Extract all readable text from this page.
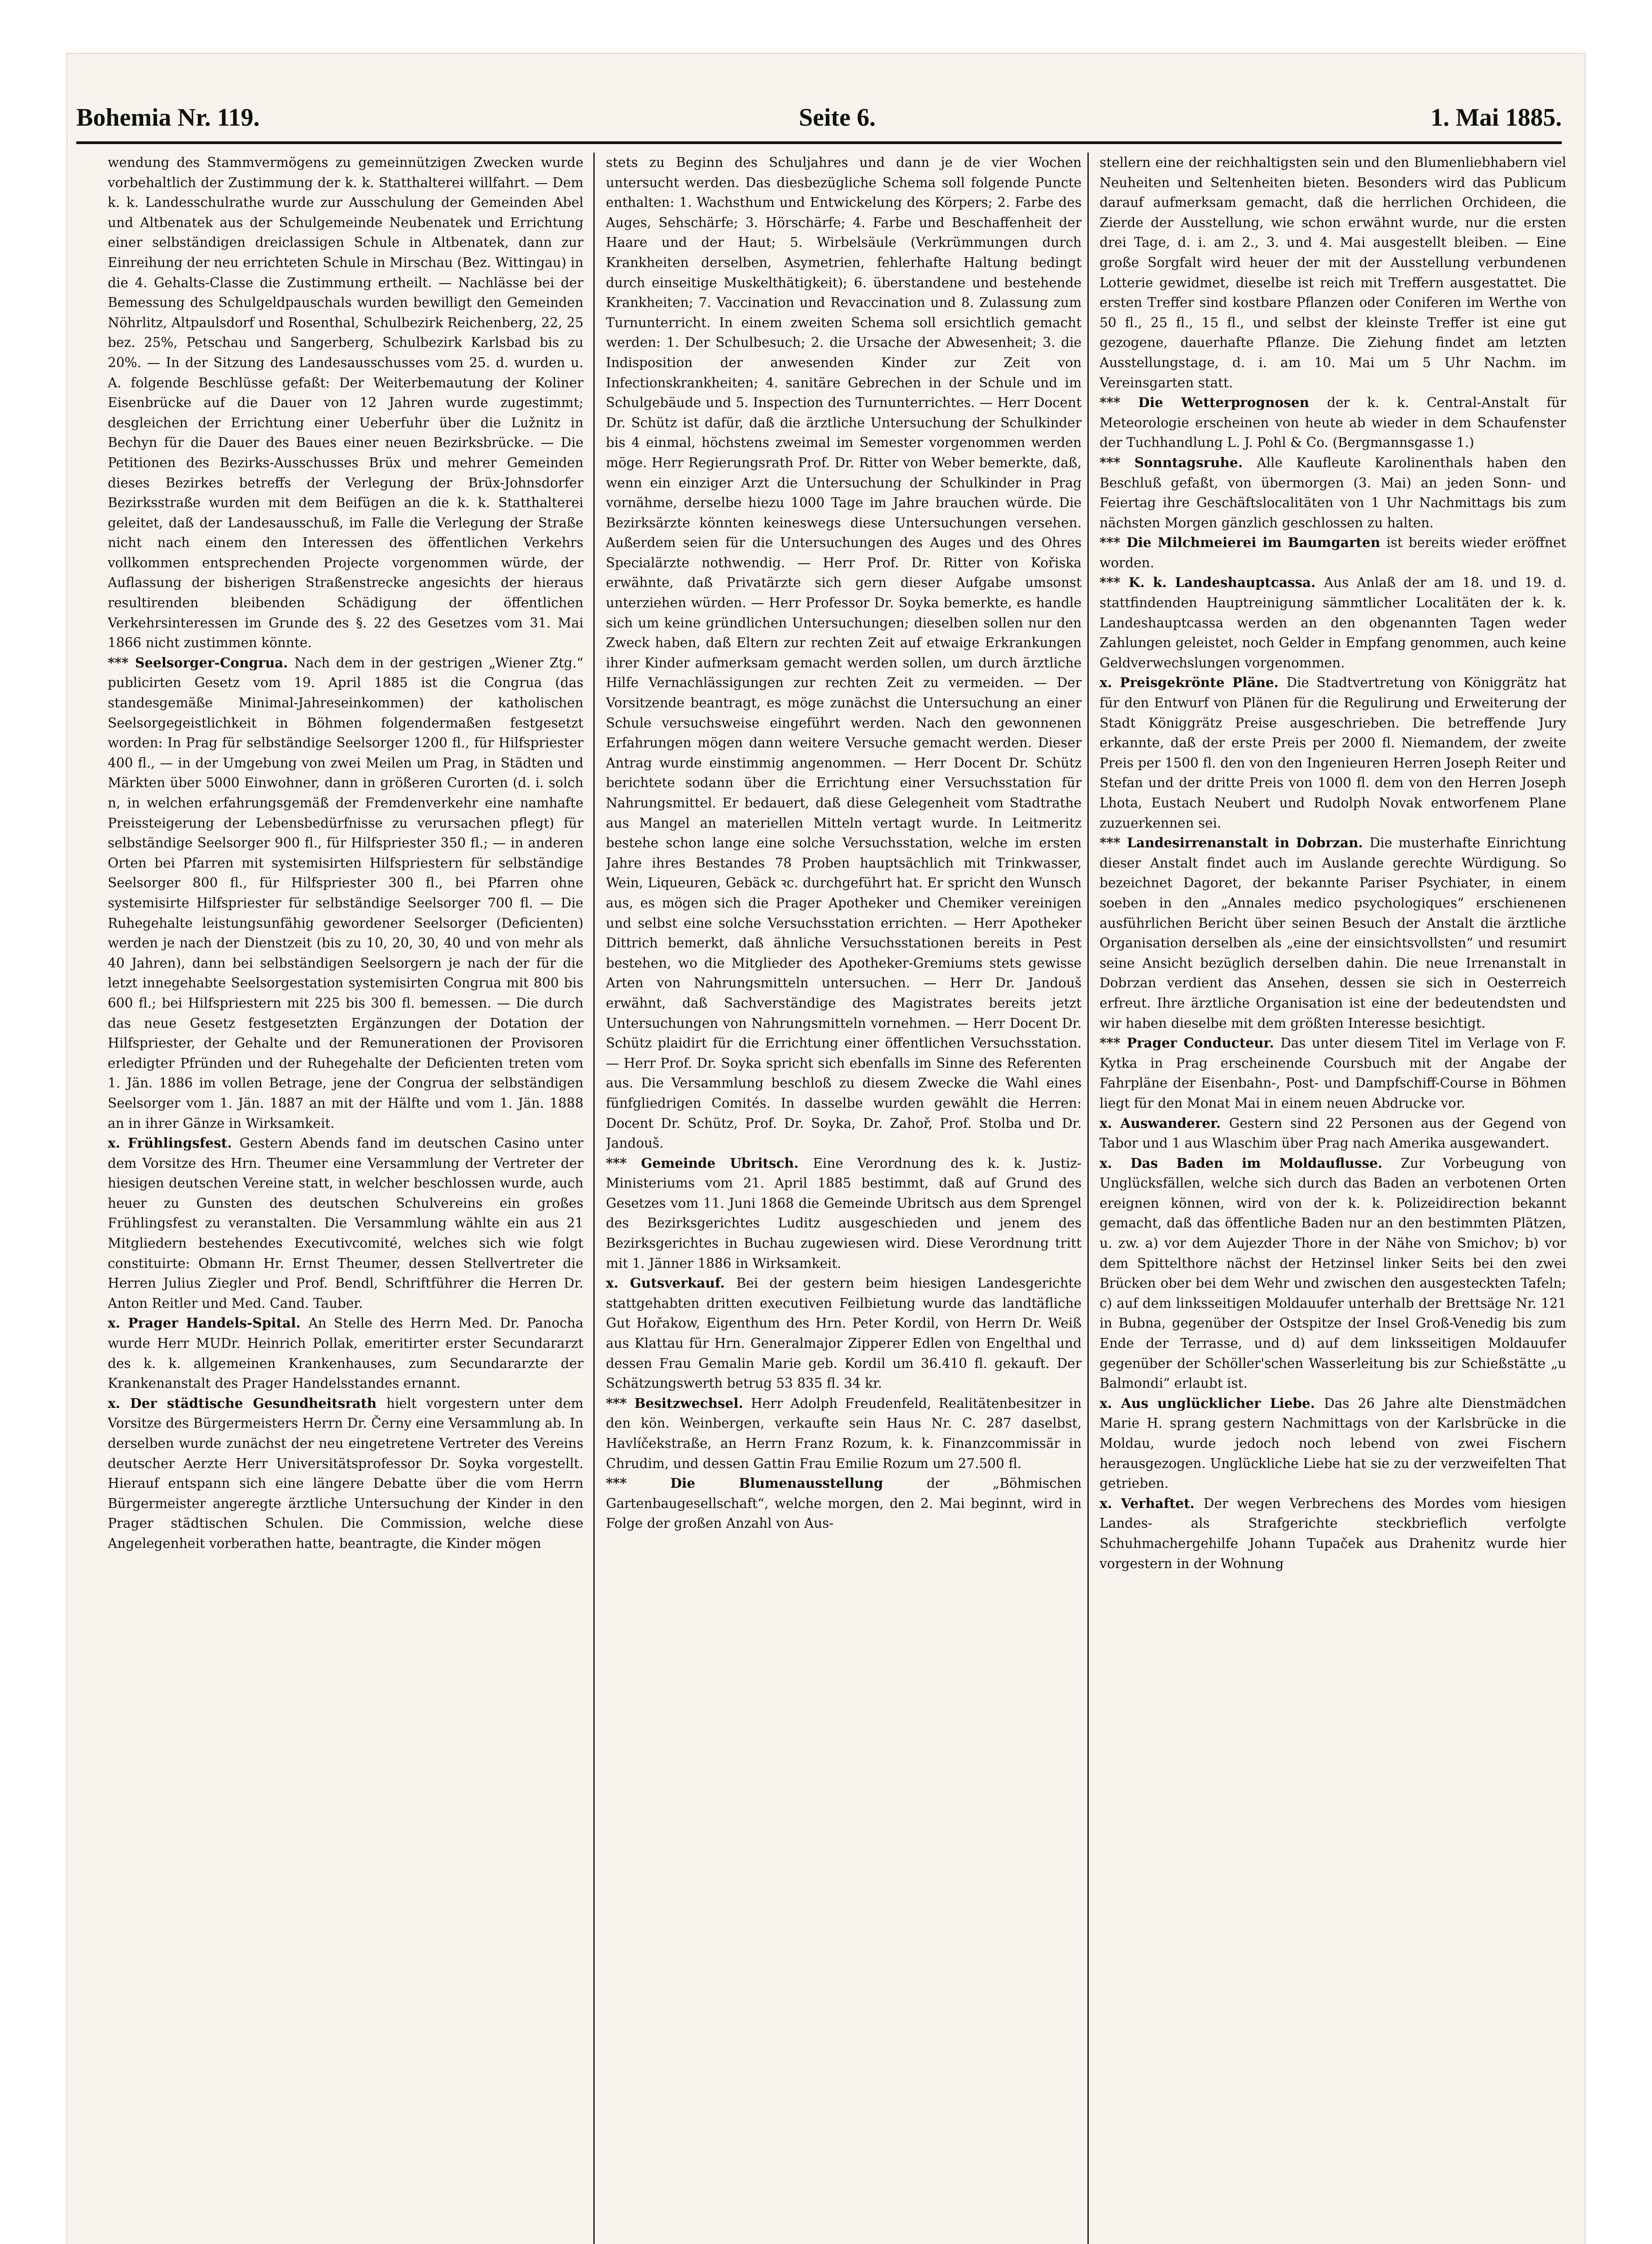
Bohemia Nr. 119.	Seite 6.	1. Mai 1885.

wendung des Stammvermögens zu gemeinnützigen Zwecken wurde vorbehaltlich der Zustimmung der k. k. Statthalterei willfahrt. — Dem k. k. Landesschulrathe wurde zur Ausschulung der Gemeinden Abel und Altbenatek aus der Schulgemeinde Neubenatek und Errichtung einer selbständigen dreiclassigen Schule in Altbenatek, dann zur Einreihung der neu errichteten Schule in Mirschau (Bez. Wittingau) in die 4. Gehalts-Classe die Zustimmung ertheilt. — Nachlässe bei der Bemessung des Schulgeldpauschals wurden bewilligt den Gemeinden Nöhrlitz, Altpaulsdorf und Rosenthal, Schulbezirk Reichenberg, 22, 25 bez. 25%, Petschau und Sangerberg, Schulbezirk Karlsbad bis zu 20%. — In der Sitzung des Landesausschusses vom 25. d. wurden u. A. folgende Beschlüsse gefaßt: Der Weiterbemautung der Koliner Eisenbrücke auf die Dauer von 12 Jahren wurde zugestimmt; desgleichen der Errichtung einer Ueberfuhr über die Lužnitz in Bechyn für die Dauer des Baues einer neuen Bezirksbrücke. — Die Petitionen des Bezirks-Ausschusses Brüx und mehrer Gemeinden dieses Bezirkes betreffs der Verlegung der Brüx-Johnsdorfer Bezirksstraße wurden mit dem Beifügen an die k. k. Statthalterei geleitet, daß der Landesausschuß, im Falle die Verlegung der Straße nicht nach einem den Interessen des öffentlichen Verkehrs vollkommen entsprechenden Projecte vorgenommen würde, der Auflassung der bisherigen Straßenstrecke angesichts der hieraus resultirenden bleibenden Schädigung der öffentlichen Verkehrsinteressen im Grunde des §. 22 des Gesetzes vom 31. Mai 1866 nicht zustimmen könnte.

*** Seelsorger-Congrua. Nach dem in der gestrigen „Wiener Ztg.“ publicirten Gesetz vom 19. April 1885 ist die Congrua (das standesgemäße Minimal-Jahreseinkommen) der katholischen Seelsorgegeistlichkeit in Böhmen folgendermaßen festgesetzt worden: In Prag für selbständige Seelsorger 1200 fl., für Hilfspriester 400 fl., — in der Umgebung von zwei Meilen um Prag, in Städten und Märkten über 5000 Einwohner, dann in größeren Curorten (d. i. solch n, in welchen erfahrungsgemäß der Fremdenverkehr eine namhafte Preissteigerung der Lebensbedürfnisse zu verursachen pflegt) für selbständige Seelsorger 900 fl., für Hilfspriester 350 fl.; — in anderen Orten bei Pfarren mit systemisirten Hilfspriestern für selbständige Seelsorger 800 fl., für Hilfspriester 300 fl., bei Pfarren ohne systemisirte Hilfspriester für selbständige Seelsorger 700 fl. — Die Ruhegehalte leistungsunfähig gewordener Seelsorger (Deficienten) werden je nach der Dienstzeit (bis zu 10, 20, 30, 40 und von mehr als 40 Jahren), dann bei selbständigen Seelsorgern je nach der für die letzt innegehabte Seelsorgestation systemisirten Congrua mit 800 bis 600 fl.; bei Hilfspriestern mit 225 bis 300 fl. bemessen. — Die durch das neue Gesetz festgesetzten Ergänzungen der Dotation der Hilfspriester, der Gehalte und der Remunerationen der Provisoren erledigter Pfründen und der Ruhegehalte der Deficienten treten vom 1. Jän. 1886 im vollen Betrage, jene der Congrua der selbständigen Seelsorger vom 1. Jän. 1887 an mit der Hälfte und vom 1. Jän. 1888 an in ihrer Gänze in Wirksamkeit.

x. Frühlingsfest. Gestern Abends fand im deutschen Casino unter dem Vorsitze des Hrn. Theumer eine Versammlung der Vertreter der hiesigen deutschen Vereine statt, in welcher beschlossen wurde, auch heuer zu Gunsten des deutschen Schulvereins ein großes Frühlingsfest zu veranstalten. Die Versammlung wählte ein aus 21 Mitgliedern bestehendes Executivcomité, welches sich wie folgt constituirte: Obmann Hr. Ernst Theumer, dessen Stellvertreter die Herren Julius Ziegler und Prof. Bendl, Schriftführer die Herren Dr. Anton Reitler und Med. Cand. Tauber.

x. Prager Handels-Spital. An Stelle des Herrn Med. Dr. Panocha wurde Herr MUDr. Heinrich Pollak, emeritirter erster Secundararzt des k. k. allgemeinen Krankenhauses, zum Secundararzte der Krankenanstalt des Prager Handelsstandes ernannt.

x. Der städtische Gesundheitsrath hielt vorgestern unter dem Vorsitze des Bürgermeisters Herrn Dr. Černy eine Versammlung ab. In derselben wurde zunächst der neu eingetretene Vertreter des Vereins deutscher Aerzte Herr Universitätsprofessor Dr. Soyka vorgestellt. Hierauf entspann sich eine längere Debatte über die vom Herrn Bürgermeister angeregte ärztliche Untersuchung der Kinder in den Prager städtischen Schulen. Die Commission, welche diese Angelegenheit vorberathen hatte, beantragte, die Kinder mögen

stets zu Beginn des Schuljahres und dann je de vier Wochen untersucht werden. Das diesbezügliche Schema soll folgende Puncte enthalten: 1. Wachsthum und Entwickelung des Körpers; 2. Farbe des Auges, Sehschärfe; 3. Hörschärfe; 4. Farbe und Beschaffenheit der Haare und der Haut; 5. Wirbelsäule (Verkrümmungen durch Krankheiten derselben, Asymetrien, fehlerhafte Haltung bedingt durch einseitige Muskelthätigkeit); 6. überstandene und bestehende Krankheiten; 7. Vaccination und Revaccination und 8. Zulassung zum Turnunterricht. In einem zweiten Schema soll ersichtlich gemacht werden: 1. Der Schulbesuch; 2. die Ursache der Abwesenheit; 3. die Indisposition der anwesenden Kinder zur Zeit von Infectionskrankheiten; 4. sanitäre Gebrechen in der Schule und im Schulgebäude und 5. Inspection des Turnunterrichtes. — Herr Docent Dr. Schütz ist dafür, daß die ärztliche Untersuchung der Schulkinder bis 4 einmal, höchstens zweimal im Semester vorgenommen werden möge. Herr Regierungsrath Prof. Dr. Ritter von Weber bemerkte, daß, wenn ein einziger Arzt die Untersuchung der Schulkinder in Prag vornähme, derselbe hiezu 1000 Tage im Jahre brauchen würde. Die Bezirksärzte könnten keineswegs diese Untersuchungen versehen. Außerdem seien für die Untersuchungen des Auges und des Ohres Specialärzte nothwendig. — Herr Prof. Dr. Ritter von Kořiska erwähnte, daß Privatärzte sich gern dieser Aufgabe umsonst unterziehen würden. — Herr Professor Dr. Soyka bemerkte, es handle sich um keine gründlichen Untersuchungen; dieselben sollen nur den Zweck haben, daß Eltern zur rechten Zeit auf etwaige Erkrankungen ihrer Kinder aufmerksam gemacht werden sollen, um durch ärztliche Hilfe Vernachlässigungen zur rechten Zeit zu vermeiden. — Der Vorsitzende beantragt, es möge zunächst die Untersuchung an einer Schule versuchsweise eingeführt werden. Nach den gewonnenen Erfahrungen mögen dann weitere Versuche gemacht werden. Dieser Antrag wurde einstimmig angenommen. — Herr Docent Dr. Schütz berichtete sodann über die Errichtung einer Versuchsstation für Nahrungsmittel. Er bedauert, daß diese Gelegenheit vom Stadtrathe aus Mangel an materiellen Mitteln vertagt wurde. In Leitmeritz bestehe schon lange eine solche Versuchsstation, welche im ersten Jahre ihres Bestandes 78 Proben hauptsächlich mit Trinkwasser, Wein, Liqueuren, Gebäck ꝛc. durchgeführt hat. Er spricht den Wunsch aus, es mögen sich die Prager Apotheker und Chemiker vereinigen und selbst eine solche Versuchsstation errichten. — Herr Apotheker Dittrich bemerkt, daß ähnliche Versuchsstationen bereits in Pest bestehen, wo die Mitglieder des Apotheker-Gremiums stets gewisse Arten von Nahrungsmitteln untersuchen. — Herr Dr. Jandouš erwähnt, daß Sachverständige des Magistrates bereits jetzt Untersuchungen von Nahrungsmitteln vornehmen. — Herr Docent Dr. Schütz plaidirt für die Errichtung einer öffentlichen Versuchsstation. — Herr Prof. Dr. Soyka spricht sich ebenfalls im Sinne des Referenten aus. Die Versammlung beschloß zu diesem Zwecke die Wahl eines fünfgliedrigen Comités. In dasselbe wurden gewählt die Herren: Docent Dr. Schütz, Prof. Dr. Soyka, Dr. Zahoř, Prof. Stolba und Dr. Jandouš.

*** Gemeinde Ubritsch. Eine Verordnung des k. k. Justiz-Ministeriums vom 21. April 1885 bestimmt, daß auf Grund des Gesetzes vom 11. Juni 1868 die Gemeinde Ubritsch aus dem Sprengel des Bezirksgerichtes Luditz ausgeschieden und jenem des Bezirksgerichtes in Buchau zugewiesen wird. Diese Verordnung tritt mit 1. Jänner 1886 in Wirksamkeit.

x. Gutsverkauf. Bei der gestern beim hiesigen Landesgerichte stattgehabten dritten executiven Feilbietung wurde das landtäfliche Gut Hořakow, Eigenthum des Hrn. Peter Kordil, von Herrn Dr. Weiß aus Klattau für Hrn. Generalmajor Zipperer Edlen von Engelthal und dessen Frau Gemalin Marie geb. Kordil um 36.410 fl. gekauft. Der Schätzungswerth betrug 53 835 fl. 34 kr.

*** Besitzwechsel. Herr Adolph Freudenfeld, Realitätenbesitzer in den kön. Weinbergen, verkaufte sein Haus Nr. C. 287 daselbst, Havlíčekstraße, an Herrn Franz Rozum, k. k. Finanzcommissär in Chrudim, und dessen Gattin Frau Emilie Rozum um 27.500 fl.

*** Die Blumenausstellung der „Böhmischen Gartenbaugesellschaft“, welche morgen, den 2. Mai beginnt, wird in Folge der großen Anzahl von Aus-

stellern eine der reichhaltigsten sein und den Blumenliebhabern viel Neuheiten und Seltenheiten bieten. Besonders wird das Publicum darauf aufmerksam gemacht, daß die herrlichen Orchideen, die Zierde der Ausstellung, wie schon erwähnt wurde, nur die ersten drei Tage, d. i. am 2., 3. und 4. Mai ausgestellt bleiben. — Eine große Sorgfalt wird heuer der mit der Ausstellung verbundenen Lotterie gewidmet, dieselbe ist reich mit Treffern ausgestattet. Die ersten Treffer sind kostbare Pflanzen oder Coniferen im Werthe von 50 fl., 25 fl., 15 fl., und selbst der kleinste Treffer ist eine gut gezogene, dauerhafte Pflanze. Die Ziehung findet am letzten Ausstellungstage, d. i. am 10. Mai um 5 Uhr Nachm. im Vereinsgarten statt.

*** Die Wetterprognosen der k. k. Central-Anstalt für Meteorologie erscheinen von heute ab wieder in dem Schaufenster der Tuchhandlung L. J. Pohl & Co. (Bergmannsgasse 1.)

*** Sonntagsruhe. Alle Kaufleute Karolinenthals haben den Beschluß gefaßt, von übermorgen (3. Mai) an jeden Sonn- und Feiertag ihre Geschäftslocalitäten von 1 Uhr Nachmittags bis zum nächsten Morgen gänzlich geschlossen zu halten.

*** Die Milchmeierei im Baumgarten ist bereits wieder eröffnet worden.

*** K. k. Landeshauptcassa. Aus Anlaß der am 18. und 19. d. stattfindenden Hauptreinigung sämmtlicher Localitäten der k. k. Landeshauptcassa werden an den obgenannten Tagen weder Zahlungen geleistet, noch Gelder in Empfang genommen, auch keine Geldverwechslungen vorgenommen.

x. Preisgekrönte Pläne. Die Stadtvertretung von Königgrätz hat für den Entwurf von Plänen für die Regulirung und Erweiterung der Stadt Königgrätz Preise ausgeschrieben. Die betreffende Jury erkannte, daß der erste Preis per 2000 fl. Niemandem, der zweite Preis per 1500 fl. den von den Ingenieuren Herren Joseph Reiter und Stefan und der dritte Preis von 1000 fl. dem von den Herren Joseph Lhota, Eustach Neubert und Rudolph Novak entworfenem Plane zuzuerkennen sei.

*** Landesirrenanstalt in Dobrzan. Die musterhafte Einrichtung dieser Anstalt findet auch im Auslande gerechte Würdigung. So bezeichnet Dagoret, der bekannte Pariser Psychiater, in einem soeben in den „Annales medico psychologiques“ erschienenen ausführlichen Bericht über seinen Besuch der Anstalt die ärztliche Organisation derselben als „eine der einsichtsvollsten“ und resumirt seine Ansicht bezüglich derselben dahin. Die neue Irrenanstalt in Dobrzan verdient das Ansehen, dessen sie sich in Oesterreich erfreut. Ihre ärztliche Organisation ist eine der bedeutendsten und wir haben dieselbe mit dem größten Interesse besichtigt.

*** Prager Conducteur. Das unter diesem Titel im Verlage von F. Kytka in Prag erscheinende Coursbuch mit der Angabe der Fahrpläne der Eisenbahn-, Post- und Dampfschiff-Course in Böhmen liegt für den Monat Mai in einem neuen Abdrucke vor.

x. Auswanderer. Gestern sind 22 Personen aus der Gegend von Tabor und 1 aus Wlaschim über Prag nach Amerika ausgewandert.

x. Das Baden im Moldauflusse. Zur Vorbeugung von Unglücksfällen, welche sich durch das Baden an verbotenen Orten ereignen können, wird von der k. k. Polizeidirection bekannt gemacht, daß das öffentliche Baden nur an den bestimmten Plätzen, u. zw. a) vor dem Aujezder Thore in der Nähe von Smichov; b) vor dem Spittelthore nächst der Hetzinsel linker Seits bei den zwei Brücken ober bei dem Wehr und zwischen den ausgesteckten Tafeln; c) auf dem linksseitigen Moldauufer unterhalb der Brettsäge Nr. 121 in Bubna, gegenüber der Ostspitze der Insel Groß-Venedig bis zum Ende der Terrasse, und d) auf dem linksseitigen Moldauufer gegenüber der Schöller'schen Wasserleitung bis zur Schießstätte „u Balmondi“ erlaubt ist.

x. Aus unglücklicher Liebe. Das 26 Jahre alte Dienstmädchen Marie H. sprang gestern Nachmittags von der Karlsbrücke in die Moldau, wurde jedoch noch lebend von zwei Fischern herausgezogen. Unglückliche Liebe hat sie zu der verzweifelten That getrieben.

x. Verhaftet. Der wegen Verbrechens des Mordes vom hiesigen Landes- als Strafgerichte steckbrieflich verfolgte Schuhmachergehilfe Johann Tupaček aus Drahenitz wurde hier vorgestern in der Wohnung
